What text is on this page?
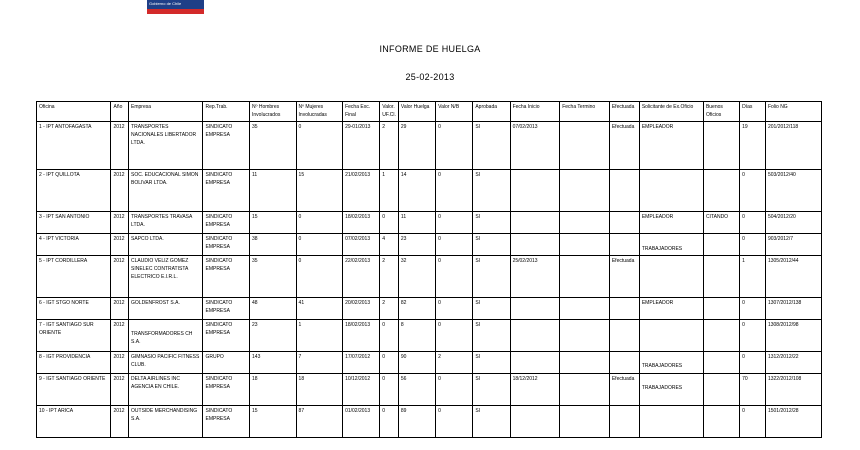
Gobierno de Chile
INFORME DE HUELGA
25-02-2013
Oficina	Año	Empresa	Rep.Trab.	Nº Hombres Involucrados	Nº Mujeres Involucradas	Fecha Exc. Final	Valor. UF.Cl.	Valor Huelga	Valor N/B	Aprobada	Fecha Inicio	Fecha Termino	Efectuada	Solicitante de Ex.Oficio	Buenos Oficios	Días	Folio NG
1 - IPT ANTOFAGASTA	2012	TRANSPORTES NACIONALES LIBERTADOR LTDA.	SINDICATO EMPRESA	35	0	29-01/2013	2	29	0	SI	07/02/2013		Efectuada	EMPLEADOR		19	201/2012/118
2 - IPT QUILLOTA	2012	SOC. EDUCACIONAL SIMON BOLIVAR LTDA.	SINDICATO EMPRESA	11	15	21/02/2013	1	14	0	SI						0	503/2012/40
3 - IPT SAN ANTONIO	2012	TRANSPORTES TRAVASA LTDA.	SINDICATO EMPRESA	15	0	18/02/2013	0	11	0	SI				EMPLEADOR	CITANDO	0	504/2012/20
4 - IPT VICTORIA	2012	SAPCO LTDA.	SINDICATO EMPRESA	38	0	07/02/2013	4	23	0	SI				TRABAJADORES		0	903/2012/7
5 - IPT CORDILLERA	2012	CLAUDIO VELIZ GOMEZ SINELEC CONTRATISTA ELECTRICO E.I.R.L.	SINDICATO EMPRESA	35	0	22/02/2013	2	32	0	SI	25/02/2013		Efectuada			1	1305/2012/44
6 - IGT STGO NORTE	2012	GOLDENFROST S.A.	SINDICATO EMPRESA	48	41	20/02/2013	2	82	0	SI				EMPLEADOR		0	1307/2012/138
7 - IGT SANTIAGO SUR ORIENTE	2012	TRANSFORMADORES CH S.A.	SINDICATO EMPRESA	23	1	18/02/2013	0	8	0	SI						0	1308/2012/98
8 - IGT PROVIDENCIA	2012	GIMNASIO PACIFIC FITNESS CLUB.	GRUPO	143	7	17/07/2012	0	90	2	SI				TRABAJADORES		0	1312/2012/22
9 - IGT SANTIAGO ORIENTE	2012	DELTA AIRLINES INC AGENCIA EN CHILE.	SINDICATO EMPRESA	18	18	10/12/2012	0	56	0	SI	18/12/2012		Efectuada	TRABAJADORES		70	1322/2012/108
10 - IPT ARICA	2012	OUTSIDE MERCHANDISING S.A.	SINDICATO EMPRESA	15	87	01/02/2013	0	89	0	SI						0	1501/2012/28
